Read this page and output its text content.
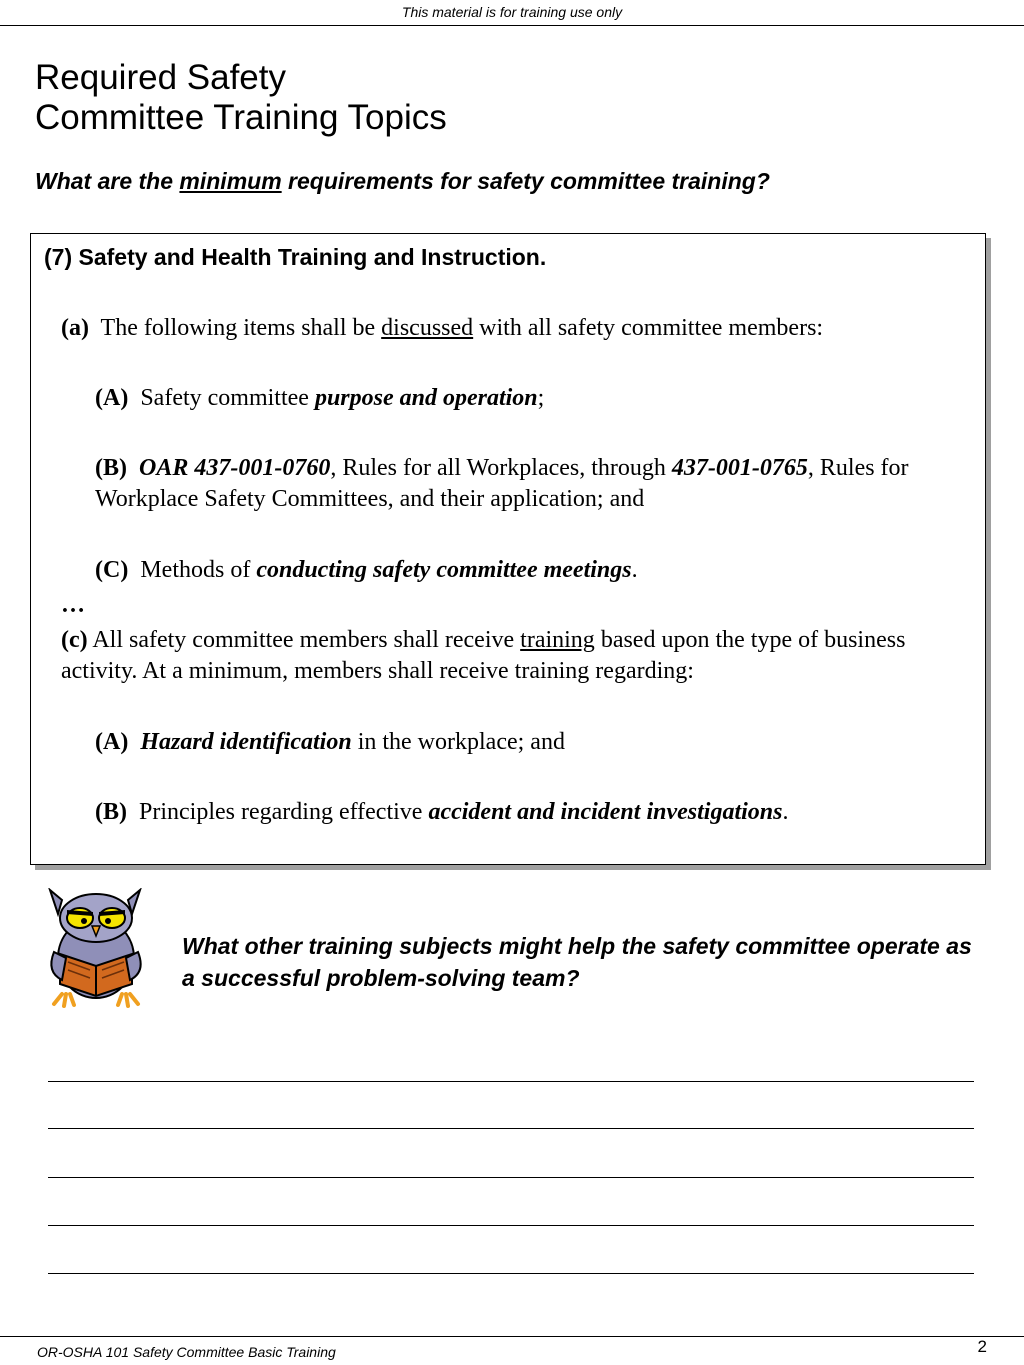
This material is for training use only
Required Safety
Committee Training Topics
What are the minimum requirements for safety committee training?
(7) Safety and Health Training and Instruction.
(a)  The following items shall be discussed with all safety committee members:
(A)  Safety committee purpose and operation;
(B) OAR 437-001-0760, Rules for all Workplaces, through 437-001-0765, Rules for Workplace Safety Committees, and their application; and
(C)  Methods of conducting safety committee meetings.
…
(c) All safety committee members shall receive training based upon the type of business activity. At a minimum, members shall receive training regarding:
(A) Hazard identification in the workplace; and
(B)  Principles regarding effective accident and incident investigations.
What other training subjects might help the safety committee operate as a successful problem-solving team?
OR-OSHA 101 Safety Committee Basic Training	2
